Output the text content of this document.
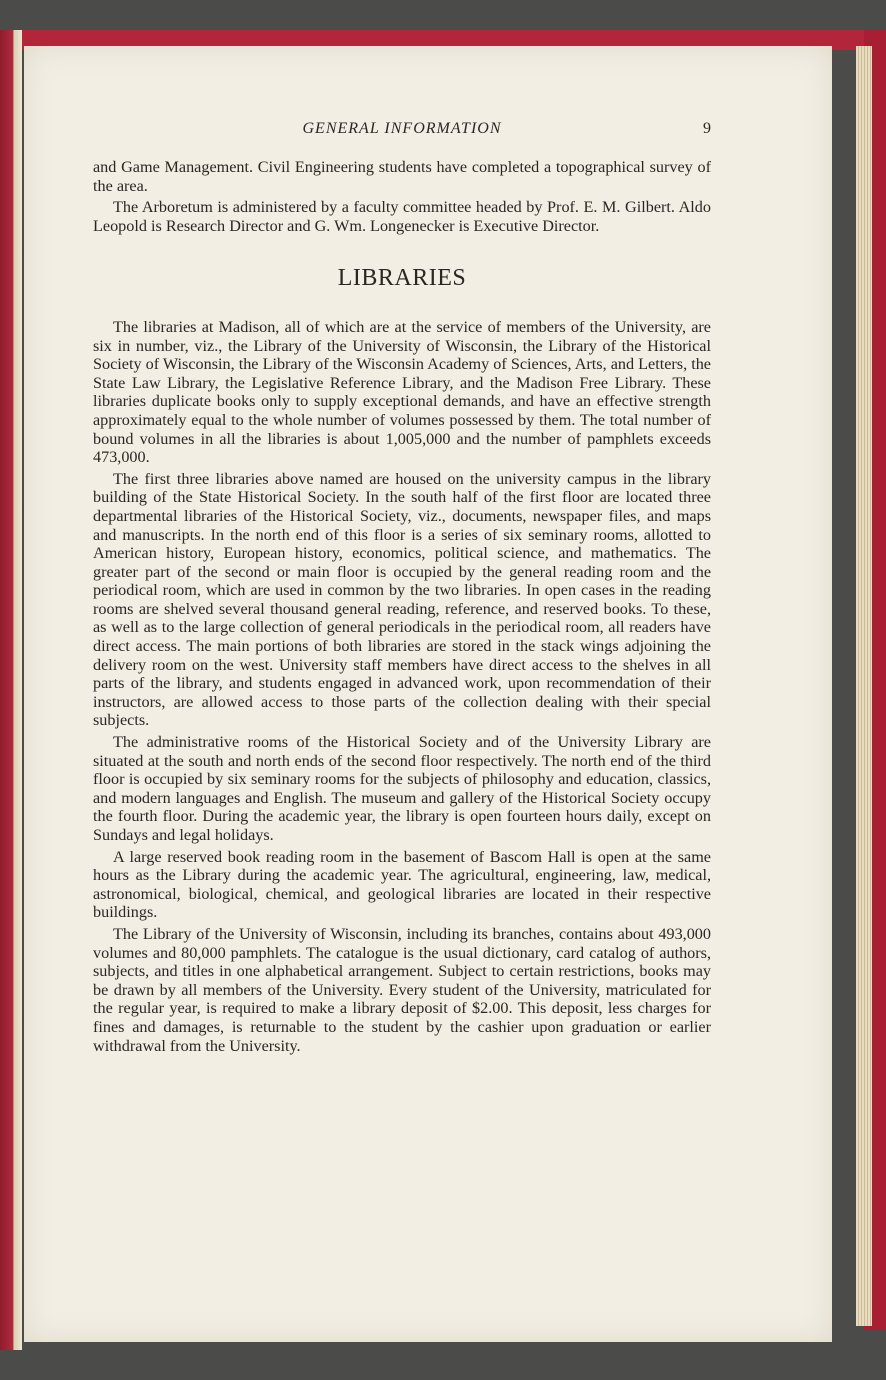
GENERAL INFORMATION	9

and Game Management. Civil Engineering students have completed a topographical survey of the area.

The Arboretum is administered by a faculty committee headed by Prof. E. M. Gilbert. Aldo Leopold is Research Director and G. Wm. Longenecker is Executive Director.

LIBRARIES

The libraries at Madison, all of which are at the service of members of the University, are six in number, viz., the Library of the University of Wisconsin, the Library of the Historical Society of Wisconsin, the Library of the Wisconsin Academy of Sciences, Arts, and Letters, the State Law Library, the Legislative Reference Library, and the Madison Free Library. These libraries duplicate books only to supply exceptional demands, and have an effective strength approximately equal to the whole number of volumes possessed by them. The total number of bound volumes in all the libraries is about 1,005,000 and the number of pamphlets exceeds 473,000.

The first three libraries above named are housed on the university campus in the library building of the State Historical Society. In the south half of the first floor are located three departmental libraries of the Historical Society, viz., documents, newspaper files, and maps and manuscripts. In the north end of this floor is a series of six seminary rooms, allotted to American history, European history, economics, political science, and mathematics. The greater part of the second or main floor is occupied by the general reading room and the periodical room, which are used in common by the two libraries. In open cases in the reading rooms are shelved several thousand general reading, reference, and reserved books. To these, as well as to the large collection of general periodicals in the periodical room, all readers have direct access. The main portions of both libraries are stored in the stack wings adjoining the delivery room on the west. University staff members have direct access to the shelves in all parts of the library, and students engaged in advanced work, upon recommendation of their instructors, are allowed access to those parts of the collection dealing with their special subjects.

The administrative rooms of the Historical Society and of the University Library are situated at the south and north ends of the second floor respectively. The north end of the third floor is occupied by six seminary rooms for the subjects of philosophy and education, classics, and modern languages and English. The museum and gallery of the Historical Society occupy the fourth floor. During the academic year, the library is open fourteen hours daily, except on Sundays and legal holidays.

A large reserved book reading room in the basement of Bascom Hall is open at the same hours as the Library during the academic year. The agricultural, engineering, law, medical, astronomical, biological, chemical, and geological libraries are located in their respective buildings.

The Library of the University of Wisconsin, including its branches, contains about 493,000 volumes and 80,000 pamphlets. The catalogue is the usual dictionary, card catalog of authors, subjects, and titles in one alphabetical arrangement. Subject to certain restrictions, books may be drawn by all members of the University. Every student of the University, matriculated for the regular year, is required to make a library deposit of $2.00. This deposit, less charges for fines and damages, is returnable to the student by the cashier upon graduation or earlier withdrawal from the University.
